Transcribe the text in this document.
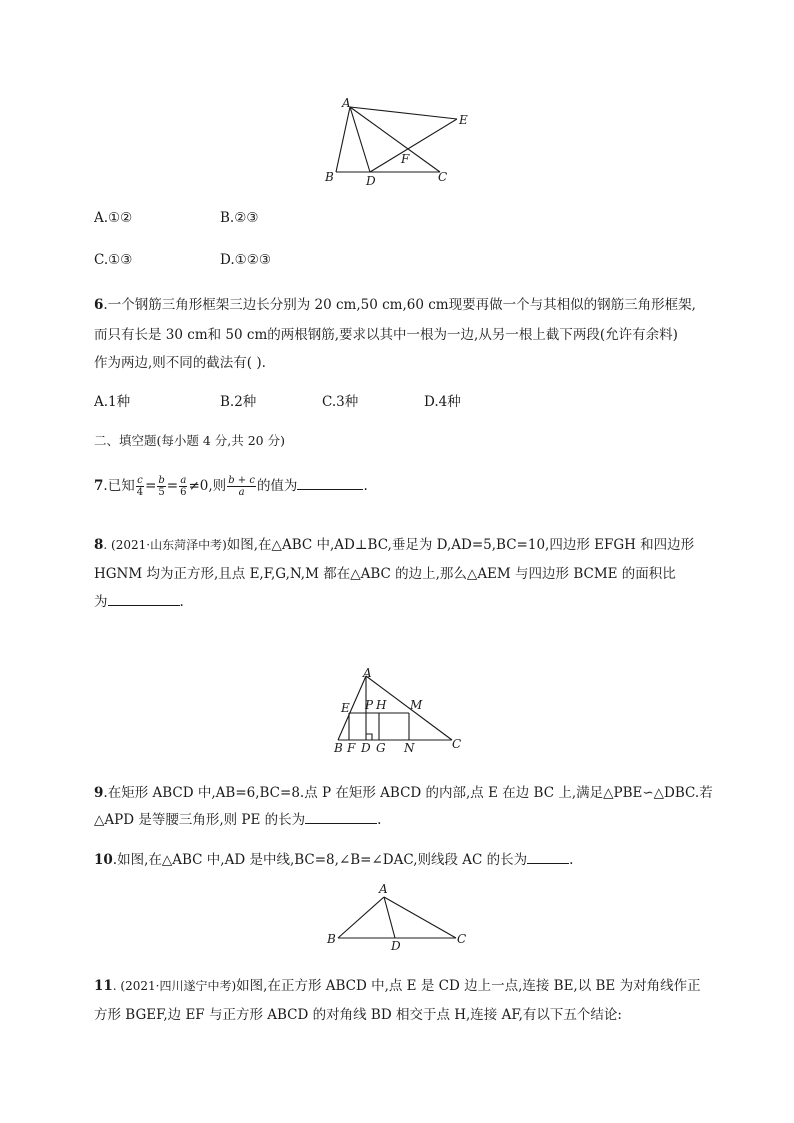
A
E
F
B	D	C
A.①②	B.②③
C.①③	D.①②③
6.一个钢筋三角形框架三边长分别为 20 cm,50 cm,60 cm现要再做一个与其相似的钢筋三角形框架,
而只有长是 30 cm和 50 cm的两根钢筋,要求以其中一根为一边,从另一根上截下两段(允许有余料)
作为两边,则不同的截法有( ).
A.1种	B.2种	C.3种	D.4种
二、填空题(每小题 4 分,共 20 分)
7.已知 $\frac{c}{4} = \frac{b}{5} = \frac{a}{6} \ne 0$,则 $\frac{b + c}{a}$ 的值为	.
8. (2021·山东菏泽中考)如图,在△ABC 中,AD⊥BC,垂足为 D,AD=5,BC=10,四边形 EFGH 和四边形
HGNM 均为正方形,且点 E,F,G,N,M 都在△ABC 的边上,那么△AEM 与四边形 BCME 的面积比
为	.
A
E P H M
B F D G N	C
9.在矩形 ABCD 中,AB=6,BC=8.点 P 在矩形 ABCD 的内部,点 E 在边 BC 上,满足△PBE∽△DBC.若
△APD 是等腰三角形,则 PE 的长为	.
10.如图,在△ABC 中,AD 是中线,BC=8,∠B=∠DAC,则线段 AC 的长为	.
A
B	D	C
11. (2021·四川遂宁中考)如图,在正方形 ABCD 中,点 E 是 CD 边上一点,连接 BE,以 BE 为对角线作正
方形 BGEF,边 EF 与正方形 ABCD 的对角线 BD 相交于点 H,连接 AF,有以下五个结论:
